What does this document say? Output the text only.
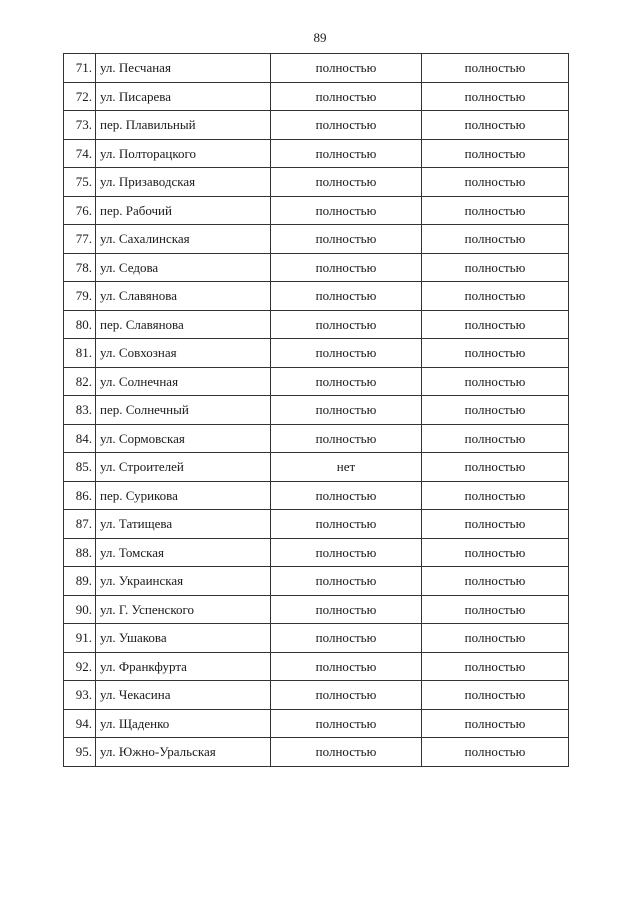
89
71.	ул. Песчаная	полностью	полностью
72.	ул. Писарева	полностью	полностью
73.	пер. Плавильный	полностью	полностью
74.	ул. Полторацкого	полностью	полностью
75.	ул. Призаводская	полностью	полностью
76.	пер. Рабочий	полностью	полностью
77.	ул. Сахалинская	полностью	полностью
78.	ул. Седова	полностью	полностью
79.	ул. Славянова	полностью	полностью
80.	пер. Славянова	полностью	полностью
81.	ул. Совхозная	полностью	полностью
82.	ул. Солнечная	полностью	полностью
83.	пер. Солнечный	полностью	полностью
84.	ул. Сормовская	полностью	полностью
85.	ул. Строителей	нет	полностью
86.	пер. Сурикова	полностью	полностью
87.	ул. Татищева	полностью	полностью
88.	ул. Томская	полностью	полностью
89.	ул. Украинская	полностью	полностью
90.	ул. Г. Успенского	полностью	полностью
91.	ул. Ушакова	полностью	полностью
92.	ул. Франкфурта	полностью	полностью
93.	ул. Чекасина	полностью	полностью
94.	ул. Щаденко	полностью	полностью
95.	ул. Южно-Уральская	полностью	полностью
